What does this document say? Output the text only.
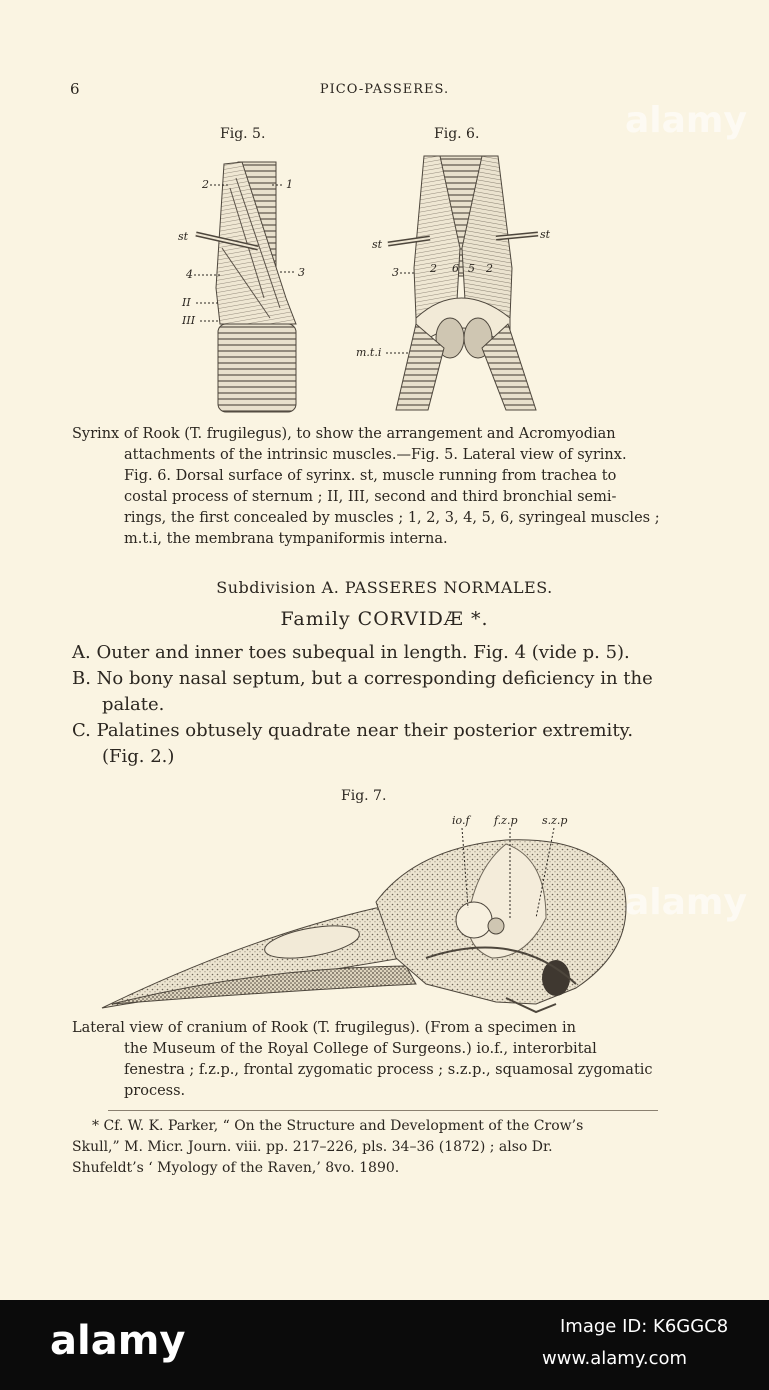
6	PICO-PASSERES.
alamy
Fig. 5.	Fig. 6.
2	1
st
4	3
II
III
st
st
3	2 6 5 2
m.t.i

Syrinx of Rook (T. frugilegus), to show the arrangement and Acromyodian

attachments of the intrinsic muscles.—Fig. 5. Lateral view of syrinx.

Fig. 6. Dorsal surface of syrinx. st, muscle running from trachea to

costal process of sternum ; II, III, second and third bronchial semi-

rings, the first concealed by muscles ; 1, 2, 3, 4, 5, 6, syringeal muscles ;

m.t.i, the membrana tympaniformis interna.

Subdivision A. PASSERES NORMALES.
Family CORVIDÆ *.
A. Outer and inner toes subequal in length. Fig. 4 (vide p. 5).
B. No bony nasal septum, but a corresponding deficiency in the palate.
C. Palatines obtusely quadrate near their posterior extremity. (Fig. 2.)
Fig. 7.
io.f f.z.p s.z.p
alamy

Lateral view of cranium of Rook (T. frugilegus). (From a specimen in

the Museum of the Royal College of Surgeons.) io.f., interorbital

fenestra ; f.z.p., frontal zygomatic process ; s.z.p., squamosal zygomatic

process.

* Cf. W. K. Parker, “ On the Structure and Development of the Crow’s

Skull,” M. Micr. Journ. viii. pp. 217–226, pls. 34–36 (1872) ; also Dr.

Shufeldt’s ‘ Myology of the Raven,’ 8vo. 1890.

alamy	Image ID: K6GGC8
www.alamy.com
